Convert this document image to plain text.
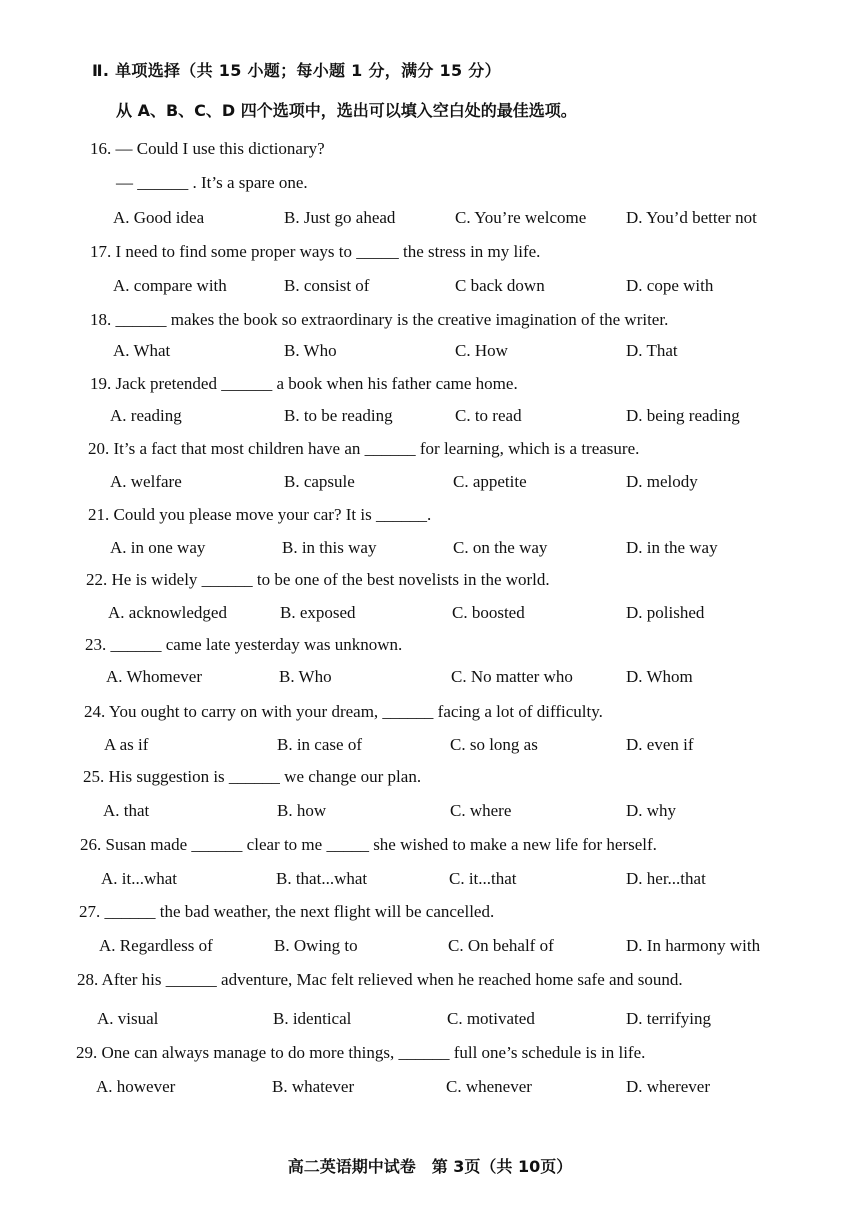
Ⅱ. 单项选择（共 15 小题；每小题 1 分，满分 15 分）
从 A、B、C、D 四个选项中，选出可以填入空白处的最佳选项。
16. — Could I use this dictionary?
— ______ . It’s a spare one.
A. Good idea	B. Just go ahead	C. You’re welcome D. You’d better not
17. I need to find some proper ways to _____ the stress in my life.
A. compare with	B. consist of	C back down	D. cope with
18. ______ makes the book so extraordinary is the creative imagination of the writer.
A. What	B. Who	C. How	D. That
19. Jack pretended ______ a book when his father came home.
A. reading	B. to be reading	C. to read	D. being reading
20. It’s a fact that most children have an ______ for learning, which is a treasure.
A. welfare	B. capsule	C. appetite	D. melody
21. Could you please move your car? It is ______.
A. in one way	B. in this way	C. on the way	D. in the way
22. He is widely ______ to be one of the best novelists in the world.
A. acknowledged	B. exposed	C. boosted	D. polished
23. ______ came late yesterday was unknown.
A. Whomever	B. Who	C. No matter who	D. Whom
24. You ought to carry on with your dream, ______ facing a lot of difficulty.
A as if	B. in case of	C. so long as	D. even if
25. His suggestion is ______ we change our plan.
A. that	B. how	C. where	D. why
26. Susan made ______ clear to me _____ she wished to make a new life for herself.
A. it...what	B. that...what	C. it...that	D. her...that
27. ______ the bad weather, the next flight will be cancelled.
A. Regardless of	B. Owing to	C. On behalf of	D. In harmony with
28. After his ______ adventure, Mac felt relieved when he reached home safe and sound.
A. visual	B. identical	C. motivated	D. terrifying
29. One can always manage to do more things, ______ full one’s schedule is in life.
A. however	B. whatever	C. whenever	D. wherever
高二英语期中试卷　第 3页（共 10页）
